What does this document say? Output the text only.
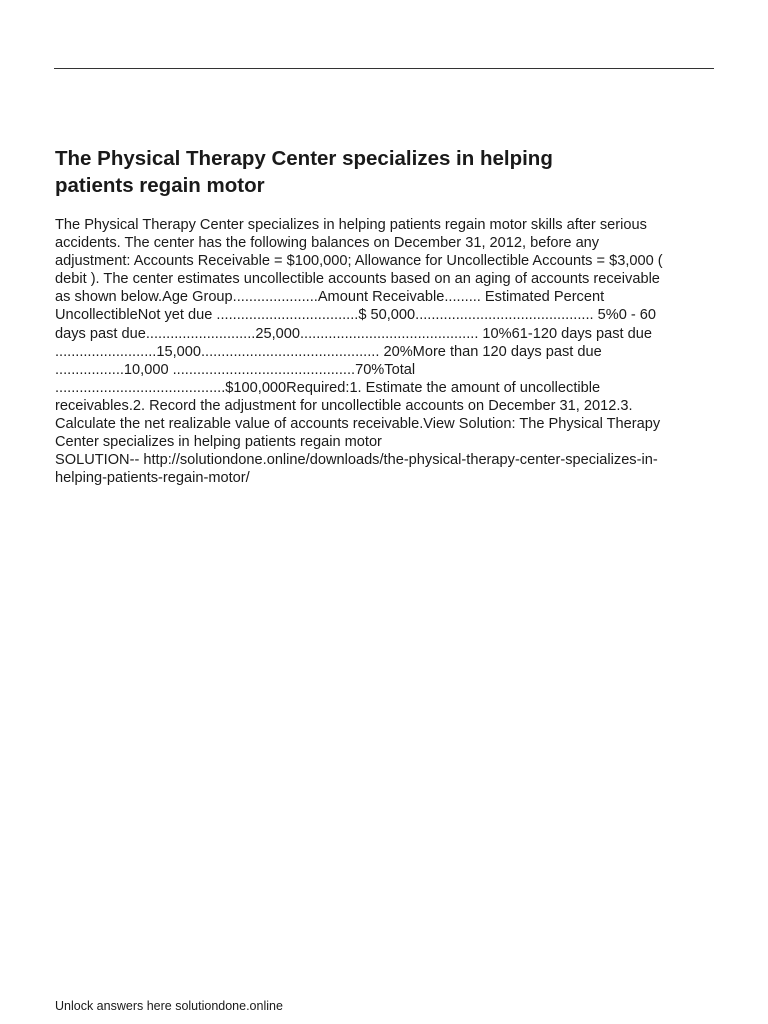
The Physical Therapy Center specializes in helping
patients regain motor
The Physical Therapy Center specializes in helping patients regain motor skills after serious
accidents. The center has the following balances on December 31, 2012, before any
adjustment: Accounts Receivable = $100,000; Allowance for Uncollectible Accounts = $3,000 (
debit ). The center estimates uncollectible accounts based on an aging of accounts receivable
as shown below.Age Group.....................Amount Receivable......... Estimated Percent
UncollectibleNot yet due ...................................$ 50,000............................................ 5%0 - 60
days past due...........................25,000............................................ 10%61-120 days past due
.........................15,000............................................ 20%More than 120 days past due
.................10,000 .............................................70%Total
..........................................$100,000Required:1. Estimate the amount of uncollectible
receivables.2. Record the adjustment for uncollectible accounts on December 31, 2012.3.
Calculate the net realizable value of accounts receivable.View Solution: The Physical Therapy
Center specializes in helping patients regain motor
SOLUTION-- http://solutiondone.online/downloads/the-physical-therapy-center-specializes-in-
helping-patients-regain-motor/

Unlock answers here solutiondone.online
